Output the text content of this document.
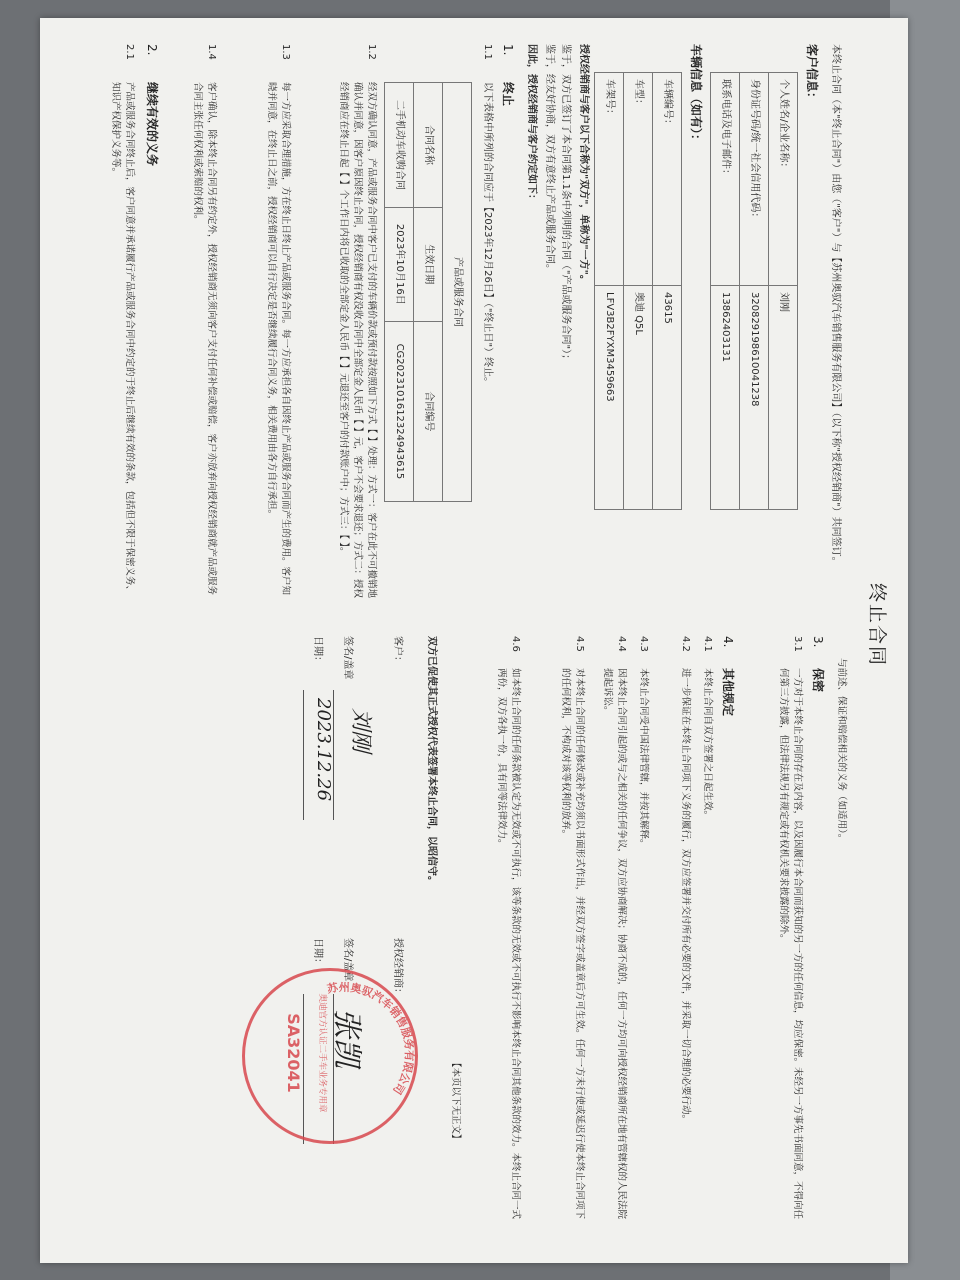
终止合同
本终止合同（本"终止合同"）由您（"客户"）与【苏州奥驭汽车销售服务有限公司】（以下称"授权经销商"）共同签订。
客户信息：
个人姓名/企业名称：	刘刚
身份证号码/统一社会信用代码：	320829198610041238
联系电话及电子邮件：	13862403131
车辆信息（如有）：
车辆编号：	43615
车型：	奥迪 Q5L
车架号：	LFV3B2FYXM3459663
授权经销商与客户以下合称为"双方"，单称为"一方"。
鉴于，双方已签订了本合同第1.1条中列明的合同（"产品或服务合同"）；
鉴于，经友好协商，双方有意终止产品或服务合同。
因此，授权经销商与客户约定如下：
1.
终止
1.1
以下表格中所列的合同应于【2023年12月26日】（"终止日"）终止。
产品或服务合同		
合同名称	生效日期	合同编号
二手机动车收购合同	2023年10月16日	CG2023101612324943615
1.2
经双方确认同意，产品或服务合同中客户已支付的车辆价款或预付款按照如下方式【 】处理：方式一：客户在此不可撤销地确认并同意，因客户原因终止合同，授权经销商有权没收合同中全部定金人民币【 】元，客户不会要求退还；方式二：授权经销商应在终止日起【 】个工作日内将已收取的全部定金人民币【 】元退还至客户的付款账户中；方式三：【 】。
1.3
每一方应采取合理措施，方在终止日终止产品或服务合同。每一方应承担各自因终止产品或服务合同而产生的费用。客户知晓并同意，在终止日之前，授权经销商可以自行决定是否继续履行合同义务，相关费用由各方自行承担。
1.4
客户确认，除本终止合同另有约定外，授权经销商无须向客户支付任何补偿或赔偿，客户亦放弃向授权经销商就产品或服务合同主张任何权利或索赔的权利。
2.
继续有效的义务
2.1
产品或服务合同终止后，客户同意并承诺履行产品或服务合同中约定的于终止后继续有效的条款，包括但不限于保密义务、知识产权保护义务等。
与前述、保证和赔偿相关的义务（如适用）。
3.
保密
3.1
一方对于本终止合同的存在及内容，以及因履行本合同而获知的另一方的任何信息，均应保密。未经另一方事先书面同意，不得向任何第三方披露，但法律法规另有规定或有权机关要求披露的除外。
4.
其他规定
4.1
本终止合同自双方签署之日起生效。
4.2
进一步保证在本终止合同项下义务的履行，双方应签署并交付所有必要的文件，并采取一切合理的必要行动。
4.3
本终止合同受中国法律管辖，并按其解释。
4.4
因本终止合同引起的或与之相关的任何争议，双方应协商解决；协商不成的，任何一方均可向授权经销商所在地有管辖权的人民法院提起诉讼。
4.5
对本终止合同的任何修改或补充均须以书面形式作出，并经双方签字或盖章后方可生效。任何一方未行使或延迟行使本终止合同项下的任何权利，不构成对该等权利的放弃。
4.6
如本终止合同的任何条款被认定为无效或不可执行，该等条款的无效或不可执行不影响本终止合同其他条款的效力。本终止合同一式两份，双方各执一份，具有同等法律效力。
【本页以下无正文】
双方已促使其正式授权代表签署本终止合同，以昭信守。
客户：
签名/盖章
日期：
刘刚
2023.12.26
授权经销商：
签名/盖章
日期：
苏州奥驭汽车销售服务有限公司
奥迪官方认证二手车业务专用章
SA32041 张凯
